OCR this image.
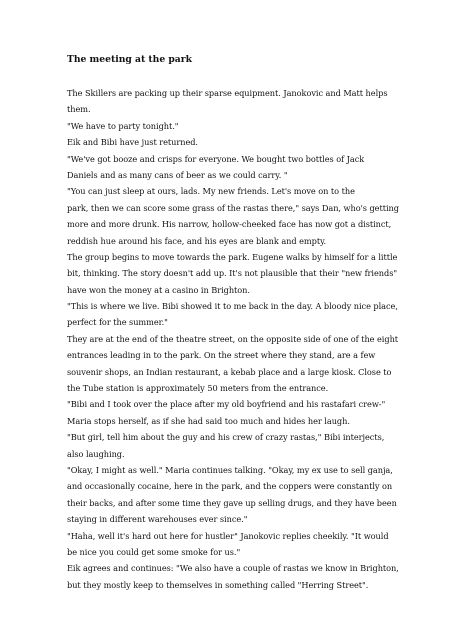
The meeting at the park
The Skillers are packing up their sparse equipment. Janokovic and Matt helps
them.
"We have to party tonight."
Eik and Bibi have just returned.
"We've got booze and crisps for everyone. We bought two bottles of Jack
Daniels and as many cans of beer as we could carry. "
"You can just sleep at ours, lads. My new friends. Let's move on to the
park, then we can score some grass of the rastas there," says Dan, who's getting
more and more drunk. His narrow, hollow-cheeked face has now got a distinct,
reddish hue around his face, and his eyes are blank and empty.
The group begins to move towards the park. Eugene walks by himself for a little
bit, thinking. The story doesn't add up. It's not plausible that their "new friends"
have won the money at a casino in Brighton.
"This is where we live. Bibi showed it to me back in the day. A bloody nice place,
perfect for the summer."
They are at the end of the theatre street, on the opposite side of one of the eight
entrances leading in to the park. On the street where they stand, are a few
souvenir shops, an Indian restaurant, a kebab place and a large kiosk. Close to
the Tube station is approximately 50 meters from the entrance.
"Bibi and I took over the place after my old boyfriend and his rastafari crew-"
Maria stops herself, as if she had said too much and hides her laugh.
"But girl, tell him about the guy and his crew of crazy rastas," Bibi interjects,
also laughing.
"Okay, I might as well." Maria continues talking. "Okay, my ex use to sell ganja,
and occasionally cocaine, here in the park, and the coppers were constantly on
their backs, and after some time they gave up selling drugs, and they have been
staying in different warehouses ever since."
"Haha, well it's hard out here for hustler" Janokovic replies cheekily. "It would
be nice you could get some smoke for us."
Eik agrees and continues: "We also have a couple of rastas we know in Brighton,
but they mostly keep to themselves in something called "Herring Street".
